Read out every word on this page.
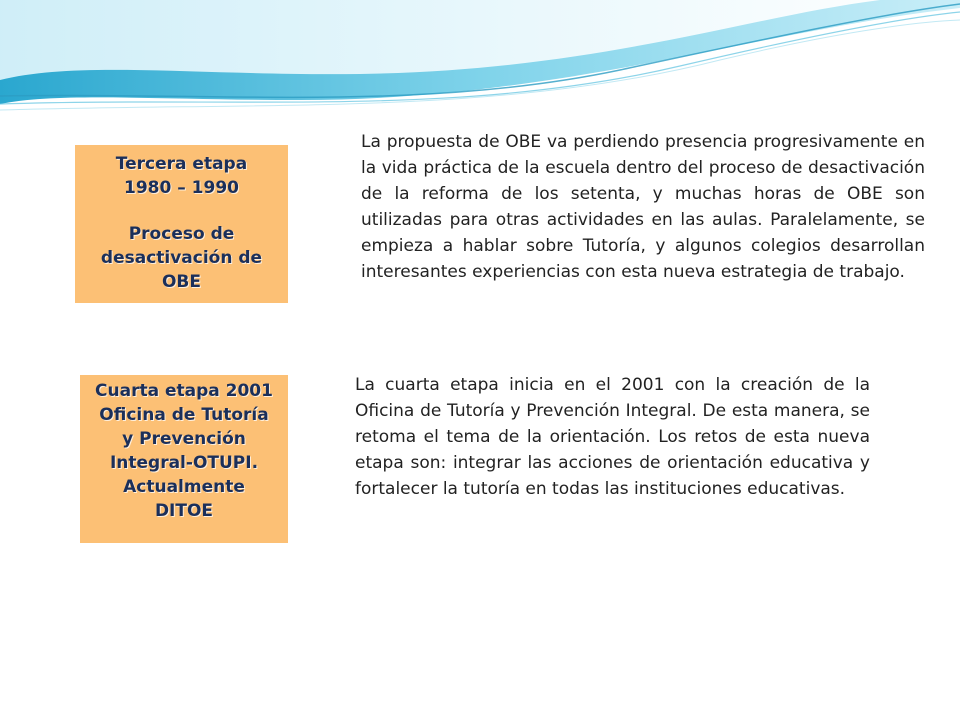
Tercera etapa
1980 – 1990
Proceso de
desactivación de
OBE

La propuesta de OBE va perdiendo presencia progresivamente en la vida práctica de la escuela dentro del proceso de desactivación de la reforma de los setenta, y muchas horas de OBE son utilizadas para otras actividades en las aulas. Paralelamente, se empieza a hablar sobre Tutoría, y algunos colegios desarrollan interesantes experiencias con esta nueva estrategia de trabajo.

Cuarta etapa 2001
Oficina de Tutoría
y Prevención
Integral-OTUPI.
Actualmente
DITOE

La cuarta etapa inicia en el 2001 con la creación de la Oficina de Tutoría y Prevención Integral. De esta manera, se retoma el tema de la orientación. Los retos de esta nueva etapa son: integrar las acciones de orientación educativa y fortalecer la tutoría en todas las instituciones educativas.
